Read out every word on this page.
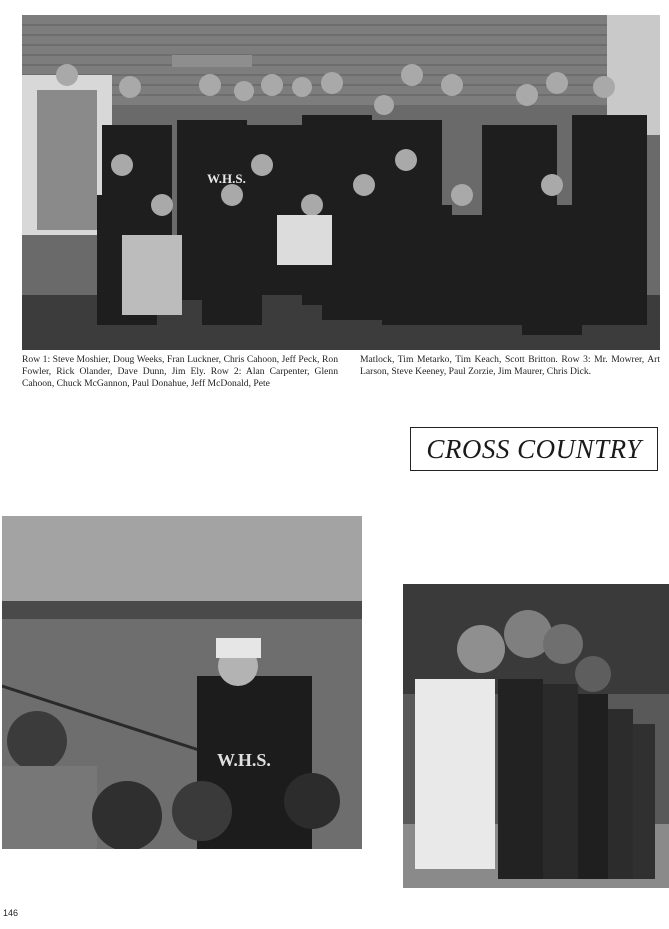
W.H.S.
Row 1: Steve Moshier, Doug Weeks, Fran Luckner, Chris Cahoon, Jeff Peck, Ron Fowler, Rick Olander, Dave Dunn, Jim Ely. Row 2: Alan Carpenter, Glenn Cahoon, Chuck McGannon, Paul Donahue, Jeff McDonald, Pete
Matlock, Tim Metarko, Tim Keach, Scott Britton. Row 3: Mr. Mowrer, Art Larson, Steve Keeney, Paul Zorzie, Jim Maurer, Chris Dick.
CROSS COUNTRY
W.H.S.
146
